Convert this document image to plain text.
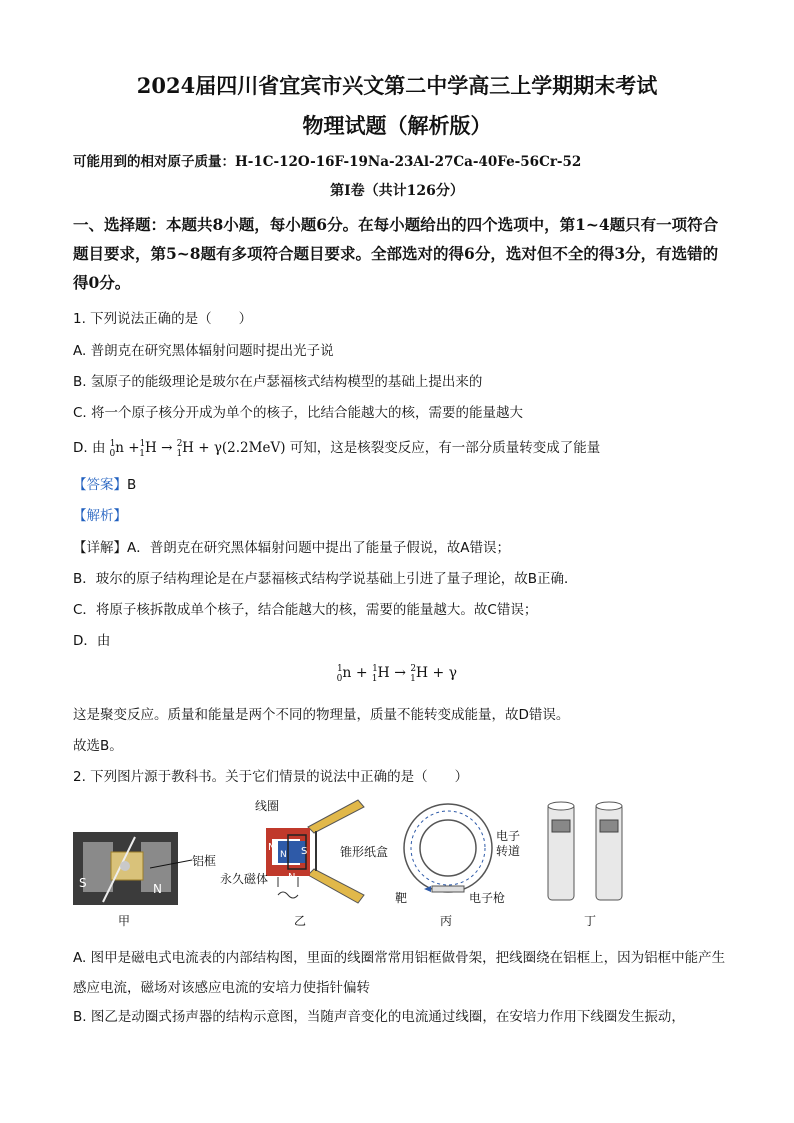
2024届四川省宜宾市兴文第二中学高三上学期期末考试
物理试题（解析版）
可能用到的相对原子质量：H-1C-12O-16F-19Na-23Al-27Ca-40Fe-56Cr-52
第Ⅰ卷（共计126分）
一、选择题：本题共8小题，每小题6分。在每小题给出的四个选项中，第1~4题只有一项符合题目要求，第5~8题有多项符合题目要求。全部选对的得6分，选对但不全的得3分，有选错的得0分。
1. 下列说法正确的是（　　）
A. 普朗克在研究黑体辐射问题时提出光子说
B. 氢原子的能级理论是玻尔在卢瑟福核式结构模型的基础上提出来的
C. 将一个原子核分开成为单个的核子，比结合能越大的核，需要的能量越大
D. 由 $^1_0$n +$^1_1$H → $^2_1$H + γ(2.2MeV) 可知，这是核裂变反应，有一部分质量转变成了能量
【答案】B
【解析】
【详解】A．普朗克在研究黑体辐射问题中提出了能量子假说，故A错误；
B．玻尔的原子结构理论是在卢瑟福核式结构学说基础上引进了量子理论，故B正确．
C．将原子核拆散成单个核子，结合能越大的核，需要的能量越大。故C错误；
D．由
$^1_0$n + $^1_1$H → $^2_1$H + γ
这是聚变反应。质量和能量是两个不同的物理量，质量不能转变成能量，故D错误。
故选B。
2. 下列图片源于教科书。关于它们情景的说法中正确的是（　　）
S	N
铝框
甲
N
N
N	S
N
线圈
锥形纸盒
永久磁体
乙
电子
转道
靶	电子枪
丙	丁
A. 图甲是磁电式电流表的内部结构图，里面的线圈常常用铝框做骨架，把线圈绕在铝框上，因为铝框中能产生感应电流，磁场对该感应电流的安培力使指针偏转
B. 图乙是动圈式扬声器的结构示意图，当随声音变化的电流通过线圈，在安培力作用下线圈发生振动，
